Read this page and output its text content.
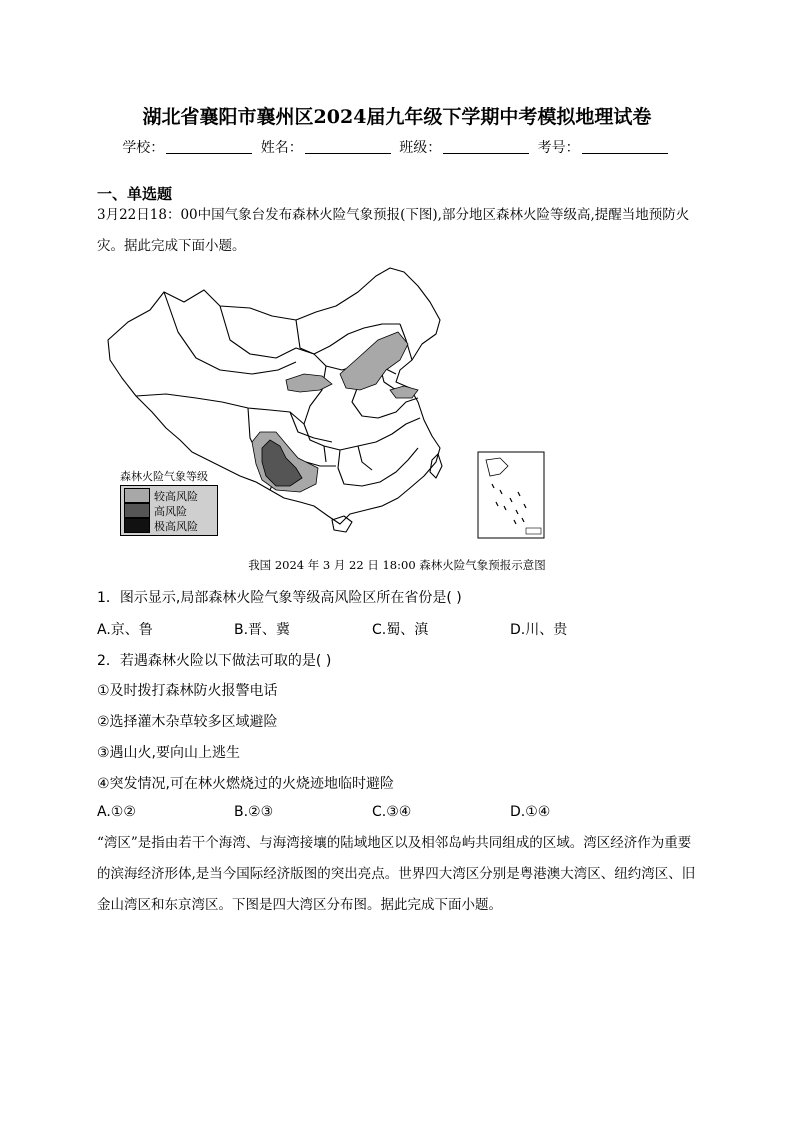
湖北省襄阳市襄州区2024届九年级下学期中考模拟地理试卷
学校：	姓名：	班级：	考号：
一、单选题
3月22日18：00中国气象台发布森林火险气象预报(下图),部分地区森林火险等级高,提醒当地预防火灾。据此完成下面小题。
森林火险气象等级
较高风险
高风险
极高风险
我国 2024 年 3 月 22 日 18:00 森林火险气象预报示意图
1．图示显示,局部森林火险气象等级高风险区所在省份是( )
A.京、鲁	B.晋、冀	C.蜀、滇	D.川、贵
2．若遇森林火险以下做法可取的是( )
①及时拨打森林防火报警电话
②选择灌木杂草较多区域避险
③遇山火,要向山上逃生
④突发情况,可在林火燃烧过的火烧迹地临时避险
A.①②	B.②③	C.③④	D.①④
“湾区”是指由若干个海湾、与海湾接壤的陆域地区以及相邻岛屿共同组成的区域。湾区经济作为重要的滨海经济形体,是当今国际经济版图的突出亮点。世界四大湾区分别是粤港澳大湾区、纽约湾区、旧金山湾区和东京湾区。下图是四大湾区分布图。据此完成下面小题。
